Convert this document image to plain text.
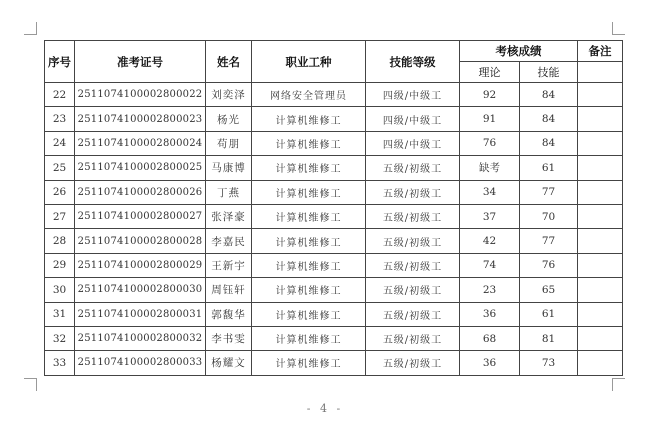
序号	准考证号	姓名	职业工种	技能等级	考核成绩		备注
					理论	技能	
22	2511074100002800022	刘奕泽	网络安全管理员	四级/中级工	92	84	
23	2511074100002800023	杨光	计算机维修工	四级/中级工	91	84	
24	2511074100002800024	苟朋	计算机维修工	四级/中级工	76	84	
25	2511074100002800025	马康博	计算机维修工	五级/初级工	缺考	61	
26	2511074100002800026	丁燕	计算机维修工	五级/初级工	34	77	
27	2511074100002800027	张泽豪	计算机维修工	五级/初级工	37	70	
28	2511074100002800028	李嘉民	计算机维修工	五级/初级工	42	77	
29	2511074100002800029	王新宇	计算机维修工	五级/初级工	74	76	
30	2511074100002800030	周钰轩	计算机维修工	五级/初级工	23	65	
31	2511074100002800031	郭馥华	计算机维修工	五级/初级工	36	61	
32	2511074100002800032	李书雯	计算机维修工	五级/初级工	68	81	
33	2511074100002800033	杨耀文	计算机维修工	五级/初级工	36	73	
- 4 -
